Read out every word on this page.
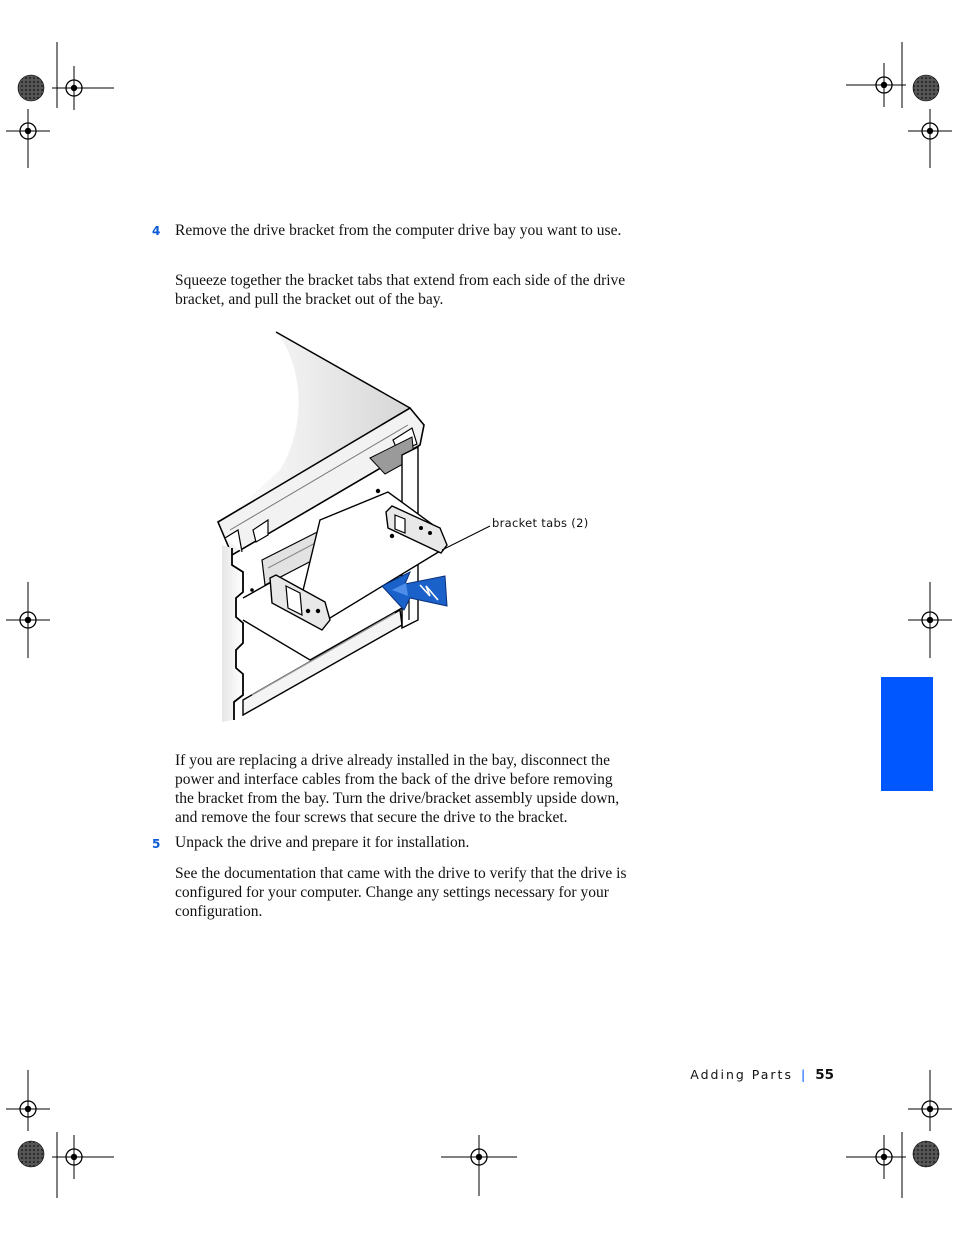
4 Remove the drive bracket from the computer drive bay you want to use.
Squeeze together the bracket tabs that extend from each side of the drive bracket, and pull the bracket out of the bay.
bracket tabs (2)
If you are replacing a drive already installed in the bay, disconnect the power and interface cables from the back of the drive before removing the bracket from the bay. Turn the drive/bracket assembly upside down, and remove the four screws that secure the drive to the bracket.
5 Unpack the drive and prepare it for installation.
See the documentation that came with the drive to verify that the drive is configured for your computer. Change any settings necessary for your configuration.
Adding Parts | 55
